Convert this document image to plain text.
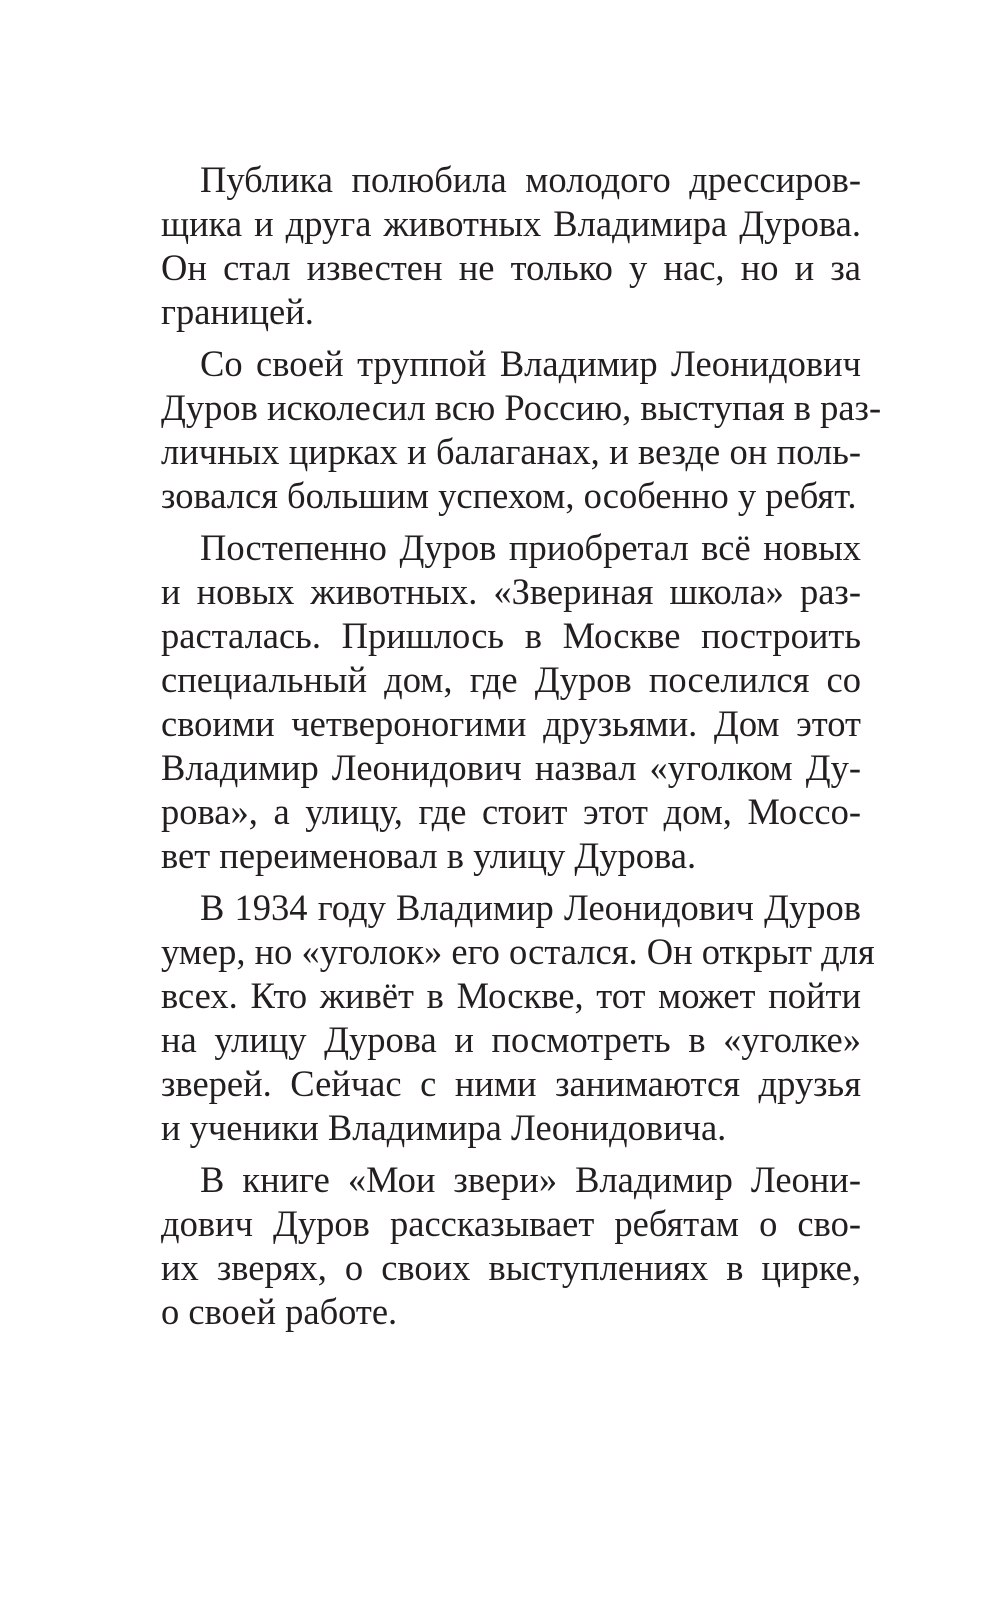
Публика полюбила молодого дрессиров-
щика и друга животных Владимира Дурова.
Он стал известен не только у нас, но и за
границей.

Со своей труппой Владимир Леонидович
Дуров исколесил всю Россию, выступая в раз-
личных цирках и балаганах, и везде он поль-
зовался большим успехом, особенно у ребят.

Постепенно Дуров приобретал всё новых
и новых животных. «Звериная школа» раз-
расталась. Пришлось в Москве построить
специальный дом, где Дуров поселился со
своими четвероногими друзьями. Дом этот
Владимир Леонидович назвал «уголком Ду-
рова», а улицу, где стоит этот дом, Моссо-
вет переименовал в улицу Дурова.

В 1934 году Владимир Леонидович Дуров
умер, но «уголок» его остался. Он открыт для
всех. Кто живёт в Москве, тот может пойти
на улицу Дурова и посмотреть в «уголке»
зверей. Сейчас с ними занимаются друзья
и ученики Владимира Леонидовича.

В книге «Мои звери» Владимир Леони-
дович Дуров рассказывает ребятам о сво-
их зверях, о своих выступлениях в цирке,
о своей работе.
